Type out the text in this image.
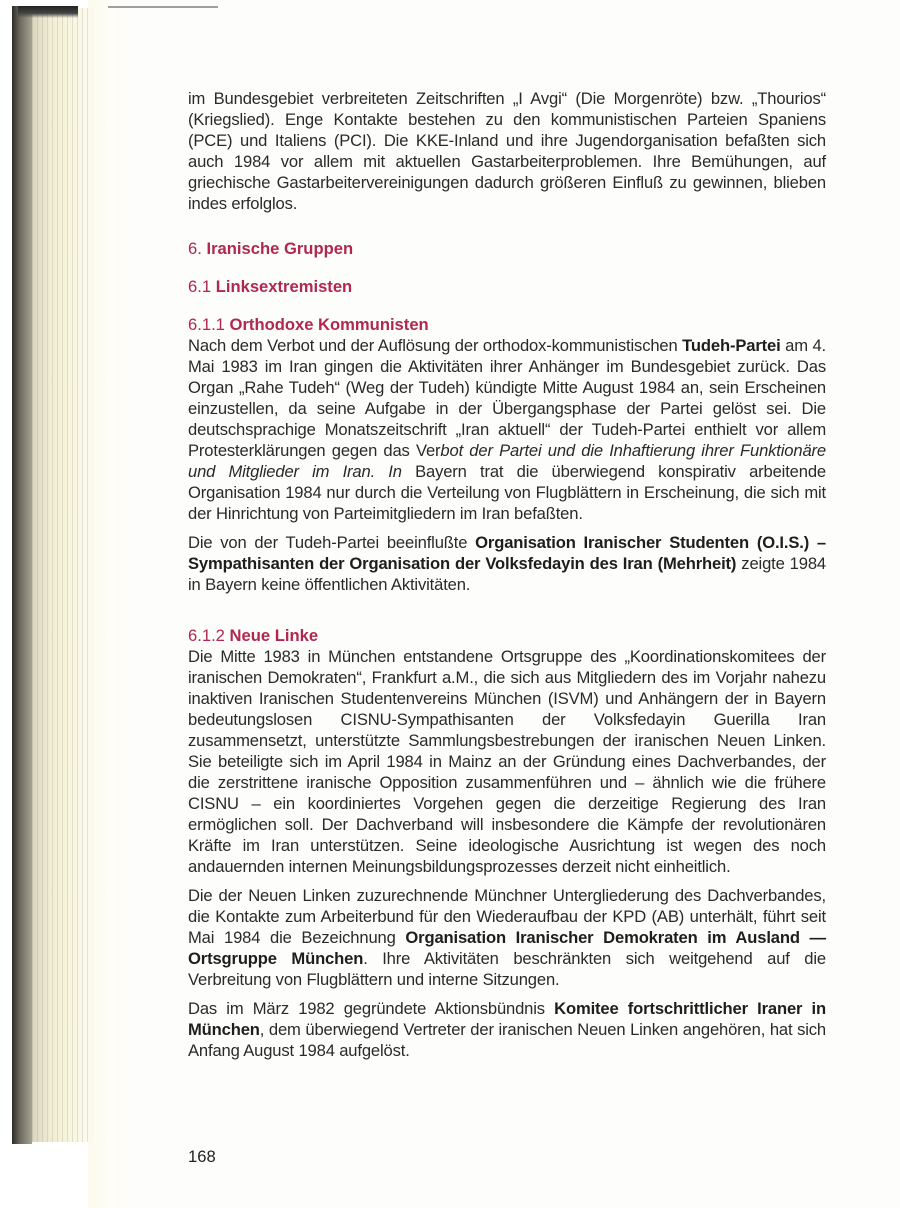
im Bundesgebiet verbreiteten Zeitschriften „I Avgi“ (Die Morgenröte) bzw. „Thourios“ (Kriegslied). Enge Kontakte bestehen zu den kommunistischen Parteien Spaniens (PCE) und Italiens (PCI). Die KKE-Inland und ihre Jugendorganisation befaßten sich auch 1984 vor allem mit aktuellen Gastarbeiterproblemen. Ihre Bemühungen, auf griechische Gastarbeitervereinigungen dadurch größeren Einfluß zu gewinnen, blieben indes erfolglos.

6. Iranische Gruppen
6.1 Linksextremisten
6.1.1 Orthodoxe Kommunisten

Nach dem Verbot und der Auflösung der orthodox-kommunistischen Tudeh-Partei am 4. Mai 1983 im Iran gingen die Aktivitäten ihrer Anhänger im Bundesgebiet zurück. Das Organ „Rahe Tudeh“ (Weg der Tudeh) kündigte Mitte August 1984 an, sein Erscheinen einzustellen, da seine Aufgabe in der Übergangsphase der Partei gelöst sei. Die deutschsprachige Monatszeitschrift „Iran aktuell“ der Tudeh-Partei enthielt vor allem Protesterklärungen gegen das Verbot der Partei und die Inhaftierung ihrer Funktionäre und Mitglieder im Iran. In Bayern trat die überwiegend konspirativ arbeitende Organisation 1984 nur durch die Verteilung von Flugblättern in Erscheinung, die sich mit der Hinrichtung von Parteimitgliedern im Iran befaßten.

Die von der Tudeh-Partei beeinflußte Organisation Iranischer Studenten (O.I.S.) – Sympathisanten der Organisation der Volksfedayin des Iran (Mehrheit) zeigte 1984 in Bayern keine öffentlichen Aktivitäten.

6.1.2 Neue Linke

Die Mitte 1983 in München entstandene Ortsgruppe des „Koordinationskomitees der iranischen Demokraten“, Frankfurt a.M., die sich aus Mitgliedern des im Vorjahr nahezu inaktiven Iranischen Studentenvereins München (ISVM) und Anhängern der in Bayern bedeutungslosen CISNU-Sympathisanten der Volksfedayin Guerilla Iran zusammensetzt, unterstützte Sammlungsbestrebungen der iranischen Neuen Linken. Sie beteiligte sich im April 1984 in Mainz an der Gründung eines Dachverbandes, der die zerstrittene iranische Opposition zusammenführen und – ähnlich wie die frühere CISNU – ein koordiniertes Vorgehen gegen die derzeitige Regierung des Iran ermöglichen soll. Der Dachverband will insbesondere die Kämpfe der revolutionären Kräfte im Iran unterstützen. Seine ideologische Ausrichtung ist wegen des noch andauernden internen Meinungsbildungsprozesses derzeit nicht einheitlich.

Die der Neuen Linken zuzurechnende Münchner Untergliederung des Dachverbandes, die Kontakte zum Arbeiterbund für den Wiederaufbau der KPD (AB) unterhält, führt seit Mai 1984 die Bezeichnung Organisation Iranischer Demokraten im Ausland — Ortsgruppe München. Ihre Aktivitäten beschränkten sich weitgehend auf die Verbreitung von Flugblättern und interne Sitzungen.

Das im März 1982 gegründete Aktionsbündnis Komitee fortschrittlicher Iraner in München, dem überwiegend Vertreter der iranischen Neuen Linken angehören, hat sich Anfang August 1984 aufgelöst.

168
